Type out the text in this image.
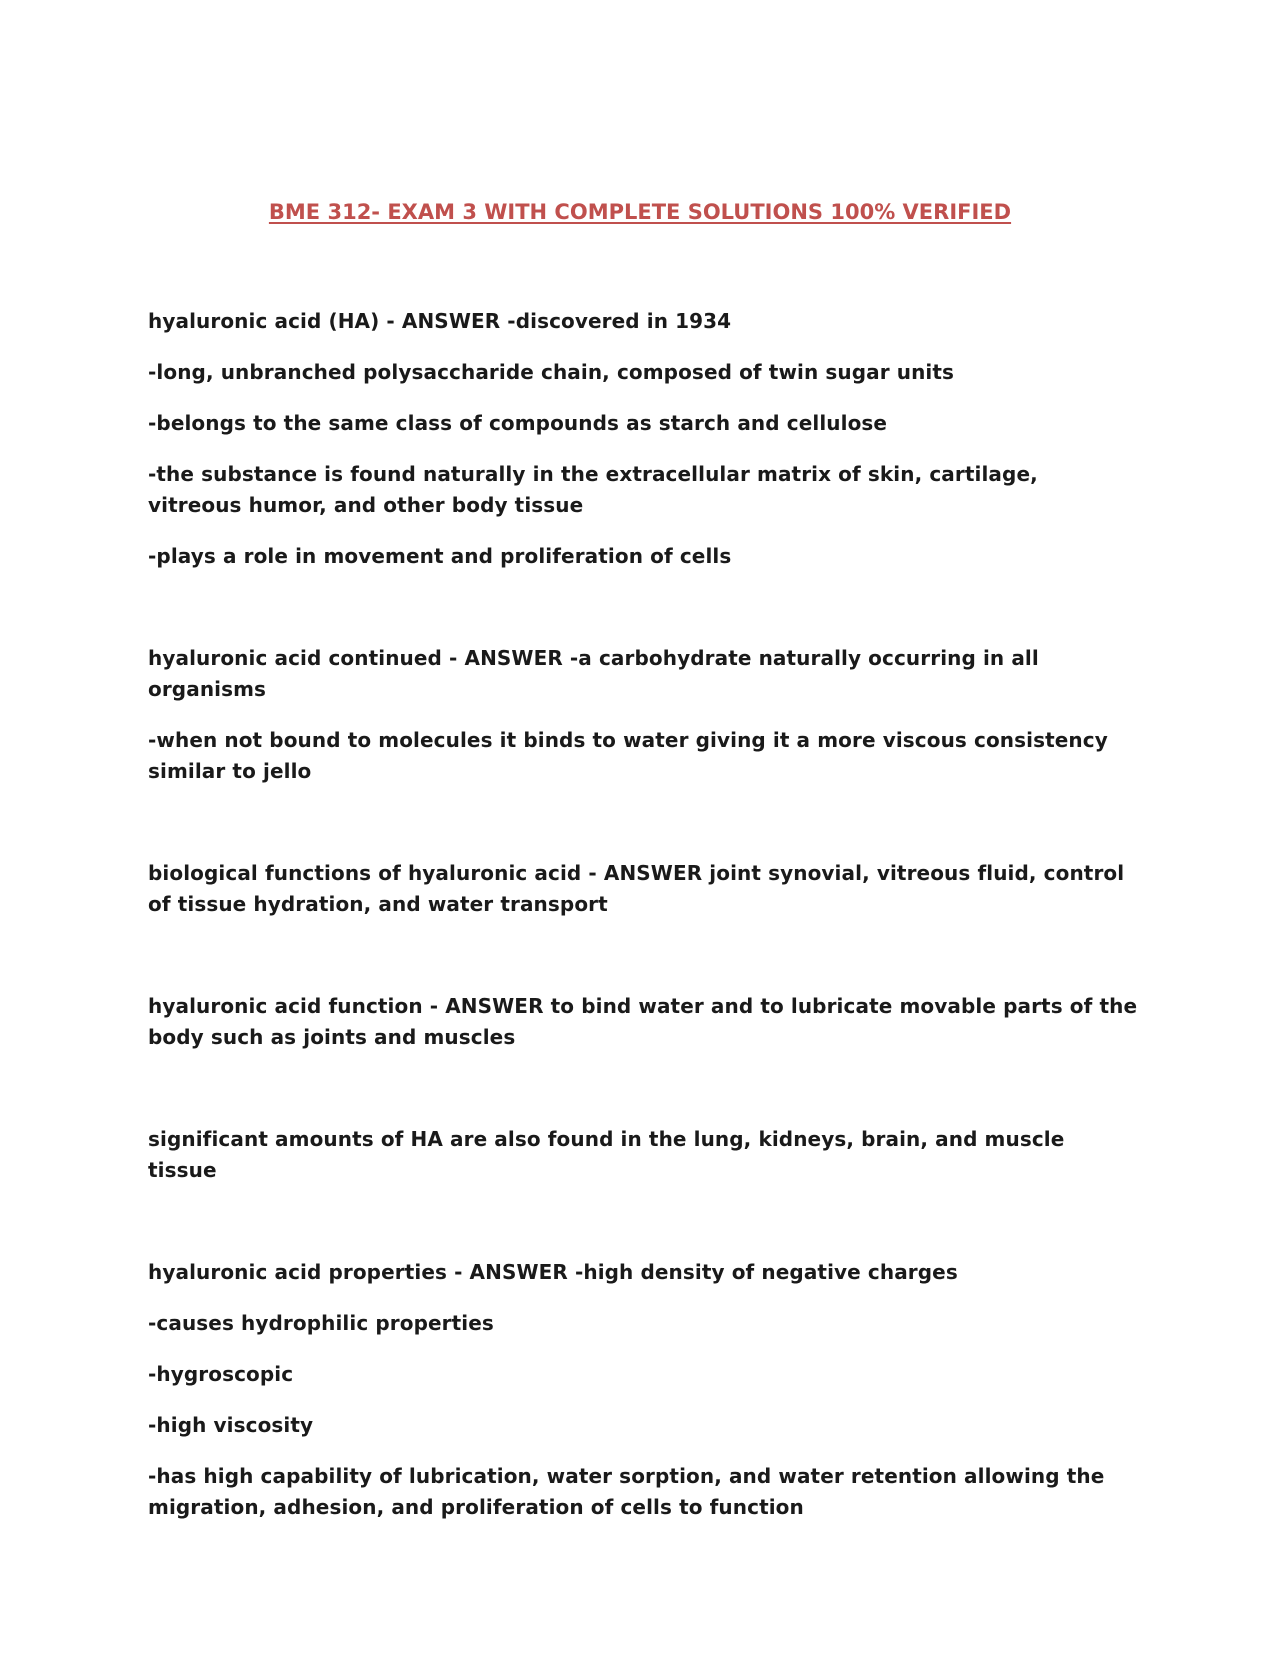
BME 312- EXAM 3 WITH COMPLETE SOLUTIONS 100% VERIFIED

hyaluronic acid (HA) - ANSWER -discovered in 1934

-long, unbranched polysaccharide chain, composed of twin sugar units

-belongs to the same class of compounds as starch and cellulose

-the substance is found naturally in the extracellular matrix of skin, cartilage, vitreous humor, and other body tissue

-plays a role in movement and proliferation of cells

hyaluronic acid continued - ANSWER -a carbohydrate naturally occurring in all organisms

-when not bound to molecules it binds to water giving it a more viscous consistency similar to jello

biological functions of hyaluronic acid - ANSWER joint synovial, vitreous fluid, control of tissue hydration, and water transport

hyaluronic acid function - ANSWER to bind water and to lubricate movable parts of the body such as joints and muscles

significant amounts of HA are also found in the lung, kidneys, brain, and muscle tissue

hyaluronic acid properties - ANSWER -high density of negative charges

-causes hydrophilic properties

-hygroscopic

-high viscosity

-has high capability of lubrication, water sorption, and water retention allowing the migration, adhesion, and proliferation of cells to function
